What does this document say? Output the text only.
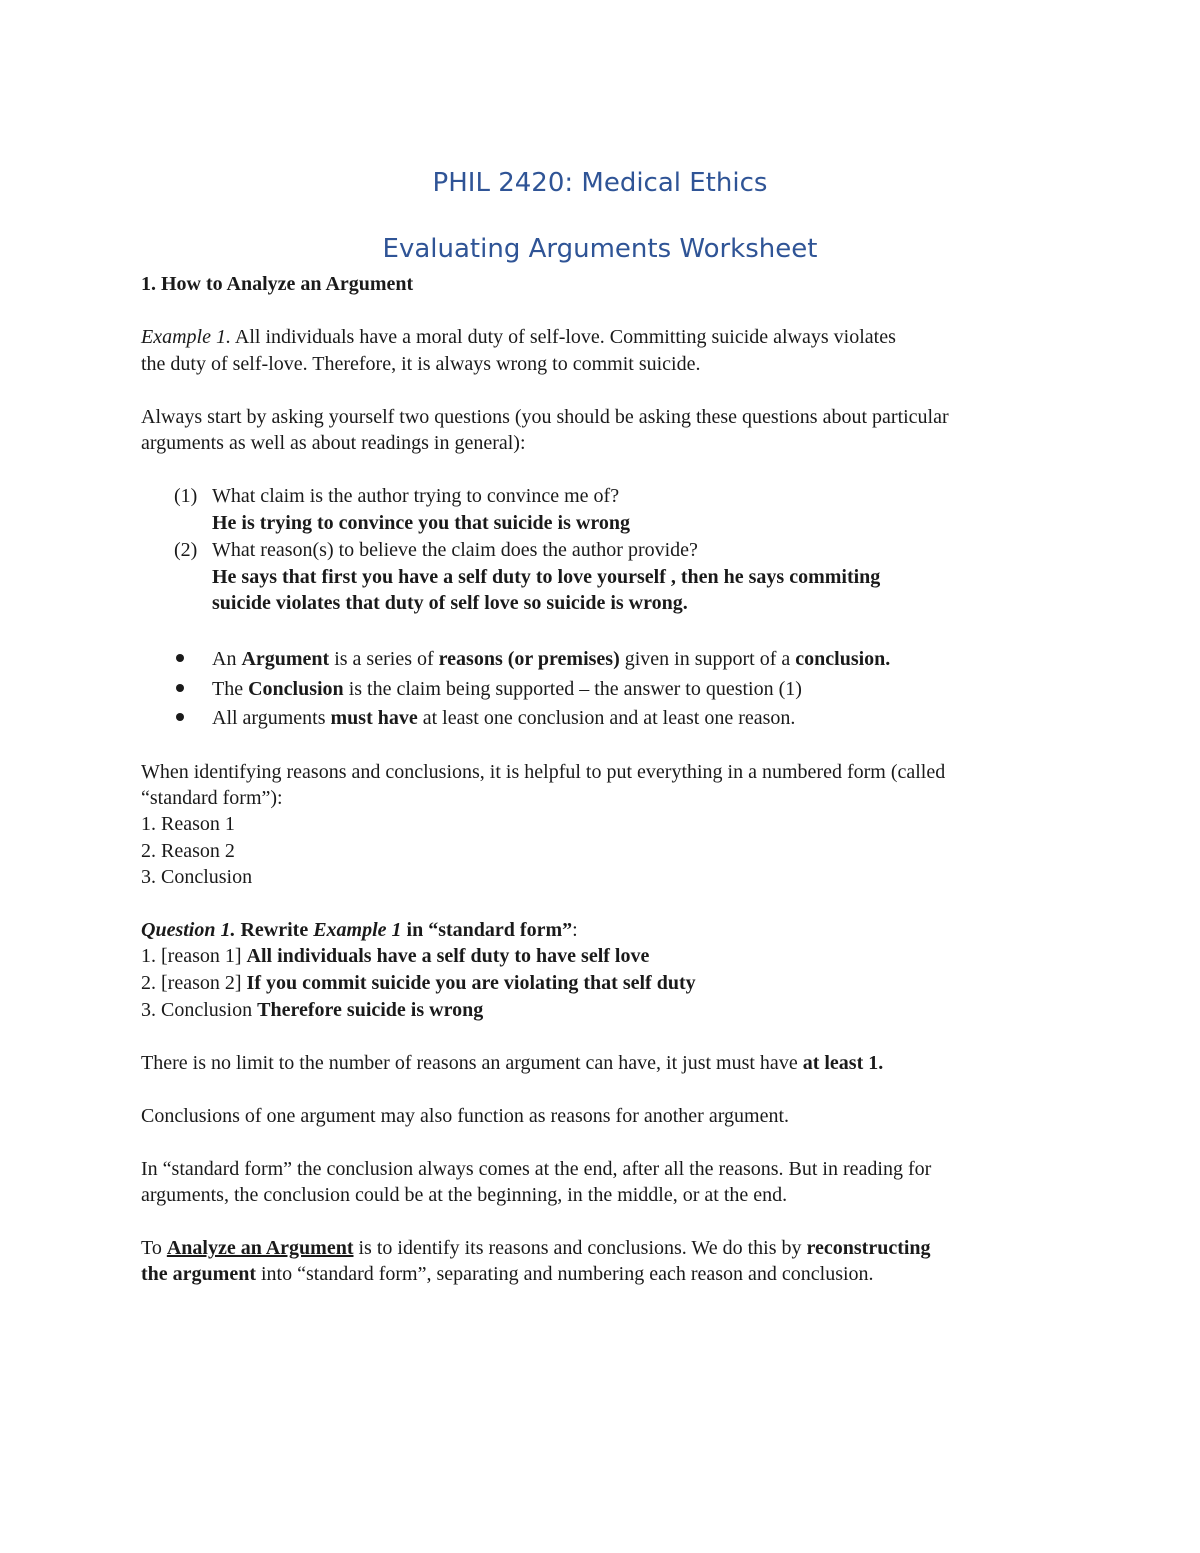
PHIL 2420: Medical Ethics
Evaluating Arguments Worksheet
1. How to Analyze an Argument
Example 1. All individuals have a moral duty of self-love. Committing suicide always violates
the duty of self-love. Therefore, it is always wrong to commit suicide.
Always start by asking yourself two questions (you should be asking these questions about particular
arguments as well as about readings in general):
(1) What claim is the author trying to convince me of?
He is trying to convince you that suicide is wrong
(2) What reason(s) to believe the claim does the author provide?
He says that first you have a self duty to love yourself , then he says commiting
suicide violates that duty of self love so suicide is wrong.
An Argument is a series of reasons (or premises) given in support of a conclusion.
The Conclusion is the claim being supported – the answer to question (1)
All arguments must have at least one conclusion and at least one reason.
When identifying reasons and conclusions, it is helpful to put everything in a numbered form (called
“standard form”):
1. Reason 1
2. Reason 2
3. Conclusion
Question 1. Rewrite Example 1 in “standard form”:
1. [reason 1] All individuals have a self duty to have self love
2. [reason 2] If you commit suicide you are violating that self duty
3. Conclusion Therefore suicide is wrong
There is no limit to the number of reasons an argument can have, it just must have at least 1.
Conclusions of one argument may also function as reasons for another argument.
In “standard form” the conclusion always comes at the end, after all the reasons. But in reading for
arguments, the conclusion could be at the beginning, in the middle, or at the end.
To Analyze an Argument is to identify its reasons and conclusions. We do this by reconstructing
the argument into “standard form”, separating and numbering each reason and conclusion.
